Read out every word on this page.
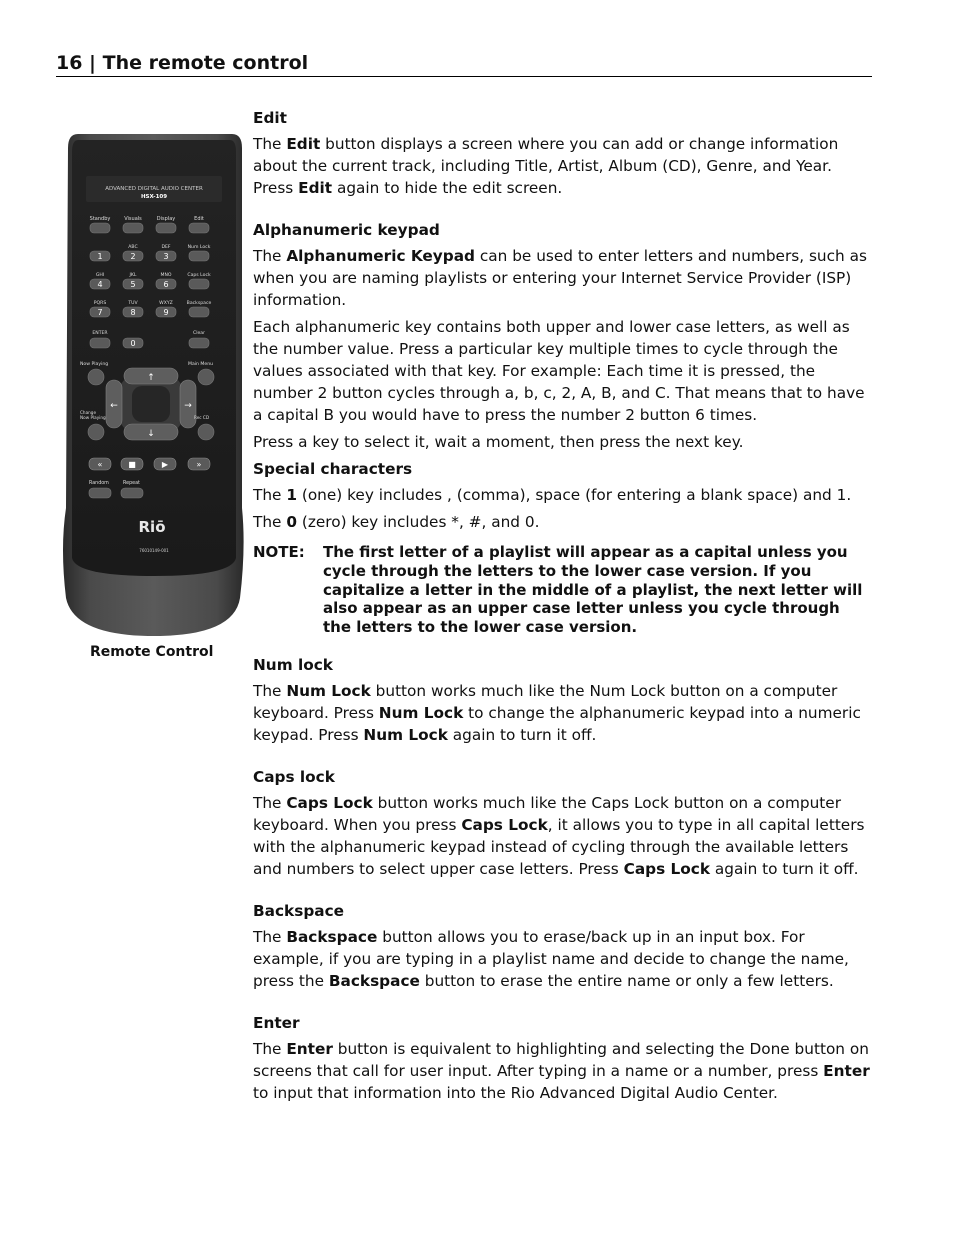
16 | The remote control
ADVANCED DIGITAL AUDIO CENTER
HSX-109
Standby	Visuals	Display	Edit
ABC	DEF	Num Lock
1	2	3
GHI	JKL	MNO	Caps Lock
4	5	6
PQRS	TUV	WXYZ	Backspace
7	8	9
ENTER	Clear
0
Now Playing	Main Menu
↑
↓
←	→
Change
Now Playing	Rec CD
«	■	▶	»
Random	Repeat
Riō
76010149-001
Remote Control
Edit

The Edit button displays a screen where you can add or change information about the current track, including Title, Artist, Album (CD), Genre, and Year. Press Edit again to hide the edit screen.

Alphanumeric keypad

The Alphanumeric Keypad can be used to enter letters and numbers, such as when you are naming playlists or entering your Internet Service Provider (ISP) information.

Each alphanumeric key contains both upper and lower case letters, as well as the number value. Press a particular key multiple times to cycle through the values associated with that key. For example: Each time it is pressed, the number 2 button cycles through a, b, c, 2, A, B, and C. That means that to have a capital B you would have to press the number 2 button 6 times.

Press a key to select it, wait a moment, then press the next key.

Special characters

The 1 (one) key includes , (comma), space (for entering a blank space) and 1.

The 0 (zero) key includes *, #, and 0.

NOTE:	The first letter of a playlist will appear as a capital unless you cycle through the letters to the lower case version. If you capitalize a letter in the middle of a playlist, the next letter will also appear as an upper case letter unless you cycle through the letters to the lower case version.
Num lock

The Num Lock button works much like the Num Lock button on a computer keyboard. Press Num Lock to change the alphanumeric keypad into a numeric keypad. Press Num Lock again to turn it off.

Caps lock

The Caps Lock button works much like the Caps Lock button on a computer keyboard. When you press Caps Lock, it allows you to type in all capital letters with the alphanumeric keypad instead of cycling through the available letters and numbers to select upper case letters. Press Caps Lock again to turn it off.

Backspace

The Backspace button allows you to erase/back up in an input box. For example, if you are typing in a playlist name and decide to change the name, press the Backspace button to erase the entire name or only a few letters.

Enter

The Enter button is equivalent to highlighting and selecting the Done button on screens that call for user input. After typing in a name or a number, press Enter to input that information into the Rio Advanced Digital Audio Center.
